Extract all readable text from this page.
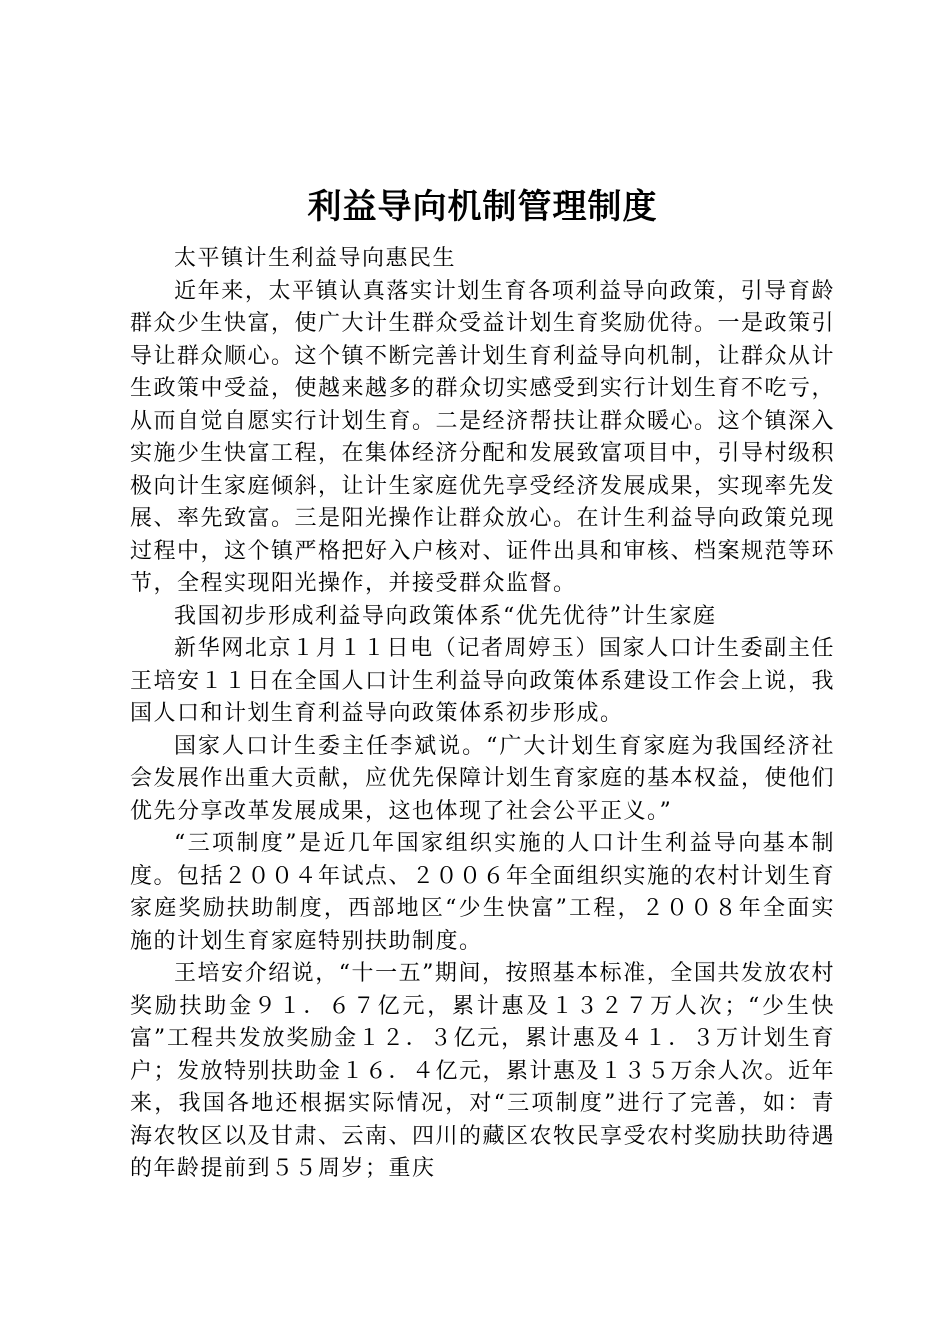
利益导向机制管理制度

太平镇计生利益导向惠民生

近年来，太平镇认真落实计划生育各项利益导向政策，引导育龄群众少生快富，使广大计生群众受益计划生育奖励优待。一是政策引导让群众顺心。这个镇不断完善计划生育利益导向机制，让群众从计生政策中受益，使越来越多的群众切实感受到实行计划生育不吃亏，从而自觉自愿实行计划生育。二是经济帮扶让群众暖心。这个镇深入实施少生快富工程，在集体经济分配和发展致富项目中，引导村级积极向计生家庭倾斜，让计生家庭优先享受经济发展成果，实现率先发展、率先致富。三是阳光操作让群众放心。在计生利益导向政策兑现过程中，这个镇严格把好入户核对、证件出具和审核、档案规范等环节，全程实现阳光操作，并接受群众监督。

我国初步形成利益导向政策体系“优先优待”计生家庭

新华网北京１月１１日电（记者周婷玉）国家人口计生委副主任王培安１１日在全国人口计生利益导向政策体系建设工作会上说，我国人口和计划生育利益导向政策体系初步形成。

国家人口计生委主任李斌说。“广大计划生育家庭为我国经济社会发展作出重大贡献，应优先保障计划生育家庭的基本权益，使他们优先分享改革发展成果，这也体现了社会公平正义。”

“三项制度”是近几年国家组织实施的人口计生利益导向基本制度。包括２００４年试点、２００６年全面组织实施的农村计划生育家庭奖励扶助制度，西部地区“少生快富”工程，２００８年全面实施的计划生育家庭特别扶助制度。

王培安介绍说，“十一五”期间，按照基本标准，全国共发放农村奖励扶助金９１．６７亿元，累计惠及１３２７万人次；“少生快富”工程共发放奖励金１２．３亿元，累计惠及４１．３万计划生育户；发放特别扶助金１６．４亿元，累计惠及１３５万余人次。近年来，我国各地还根据实际情况，对“三项制度”进行了完善，如：青海农牧区以及甘肃、云南、四川的藏区农牧民享受农村奖励扶助待遇的年龄提前到５５周岁；重庆
